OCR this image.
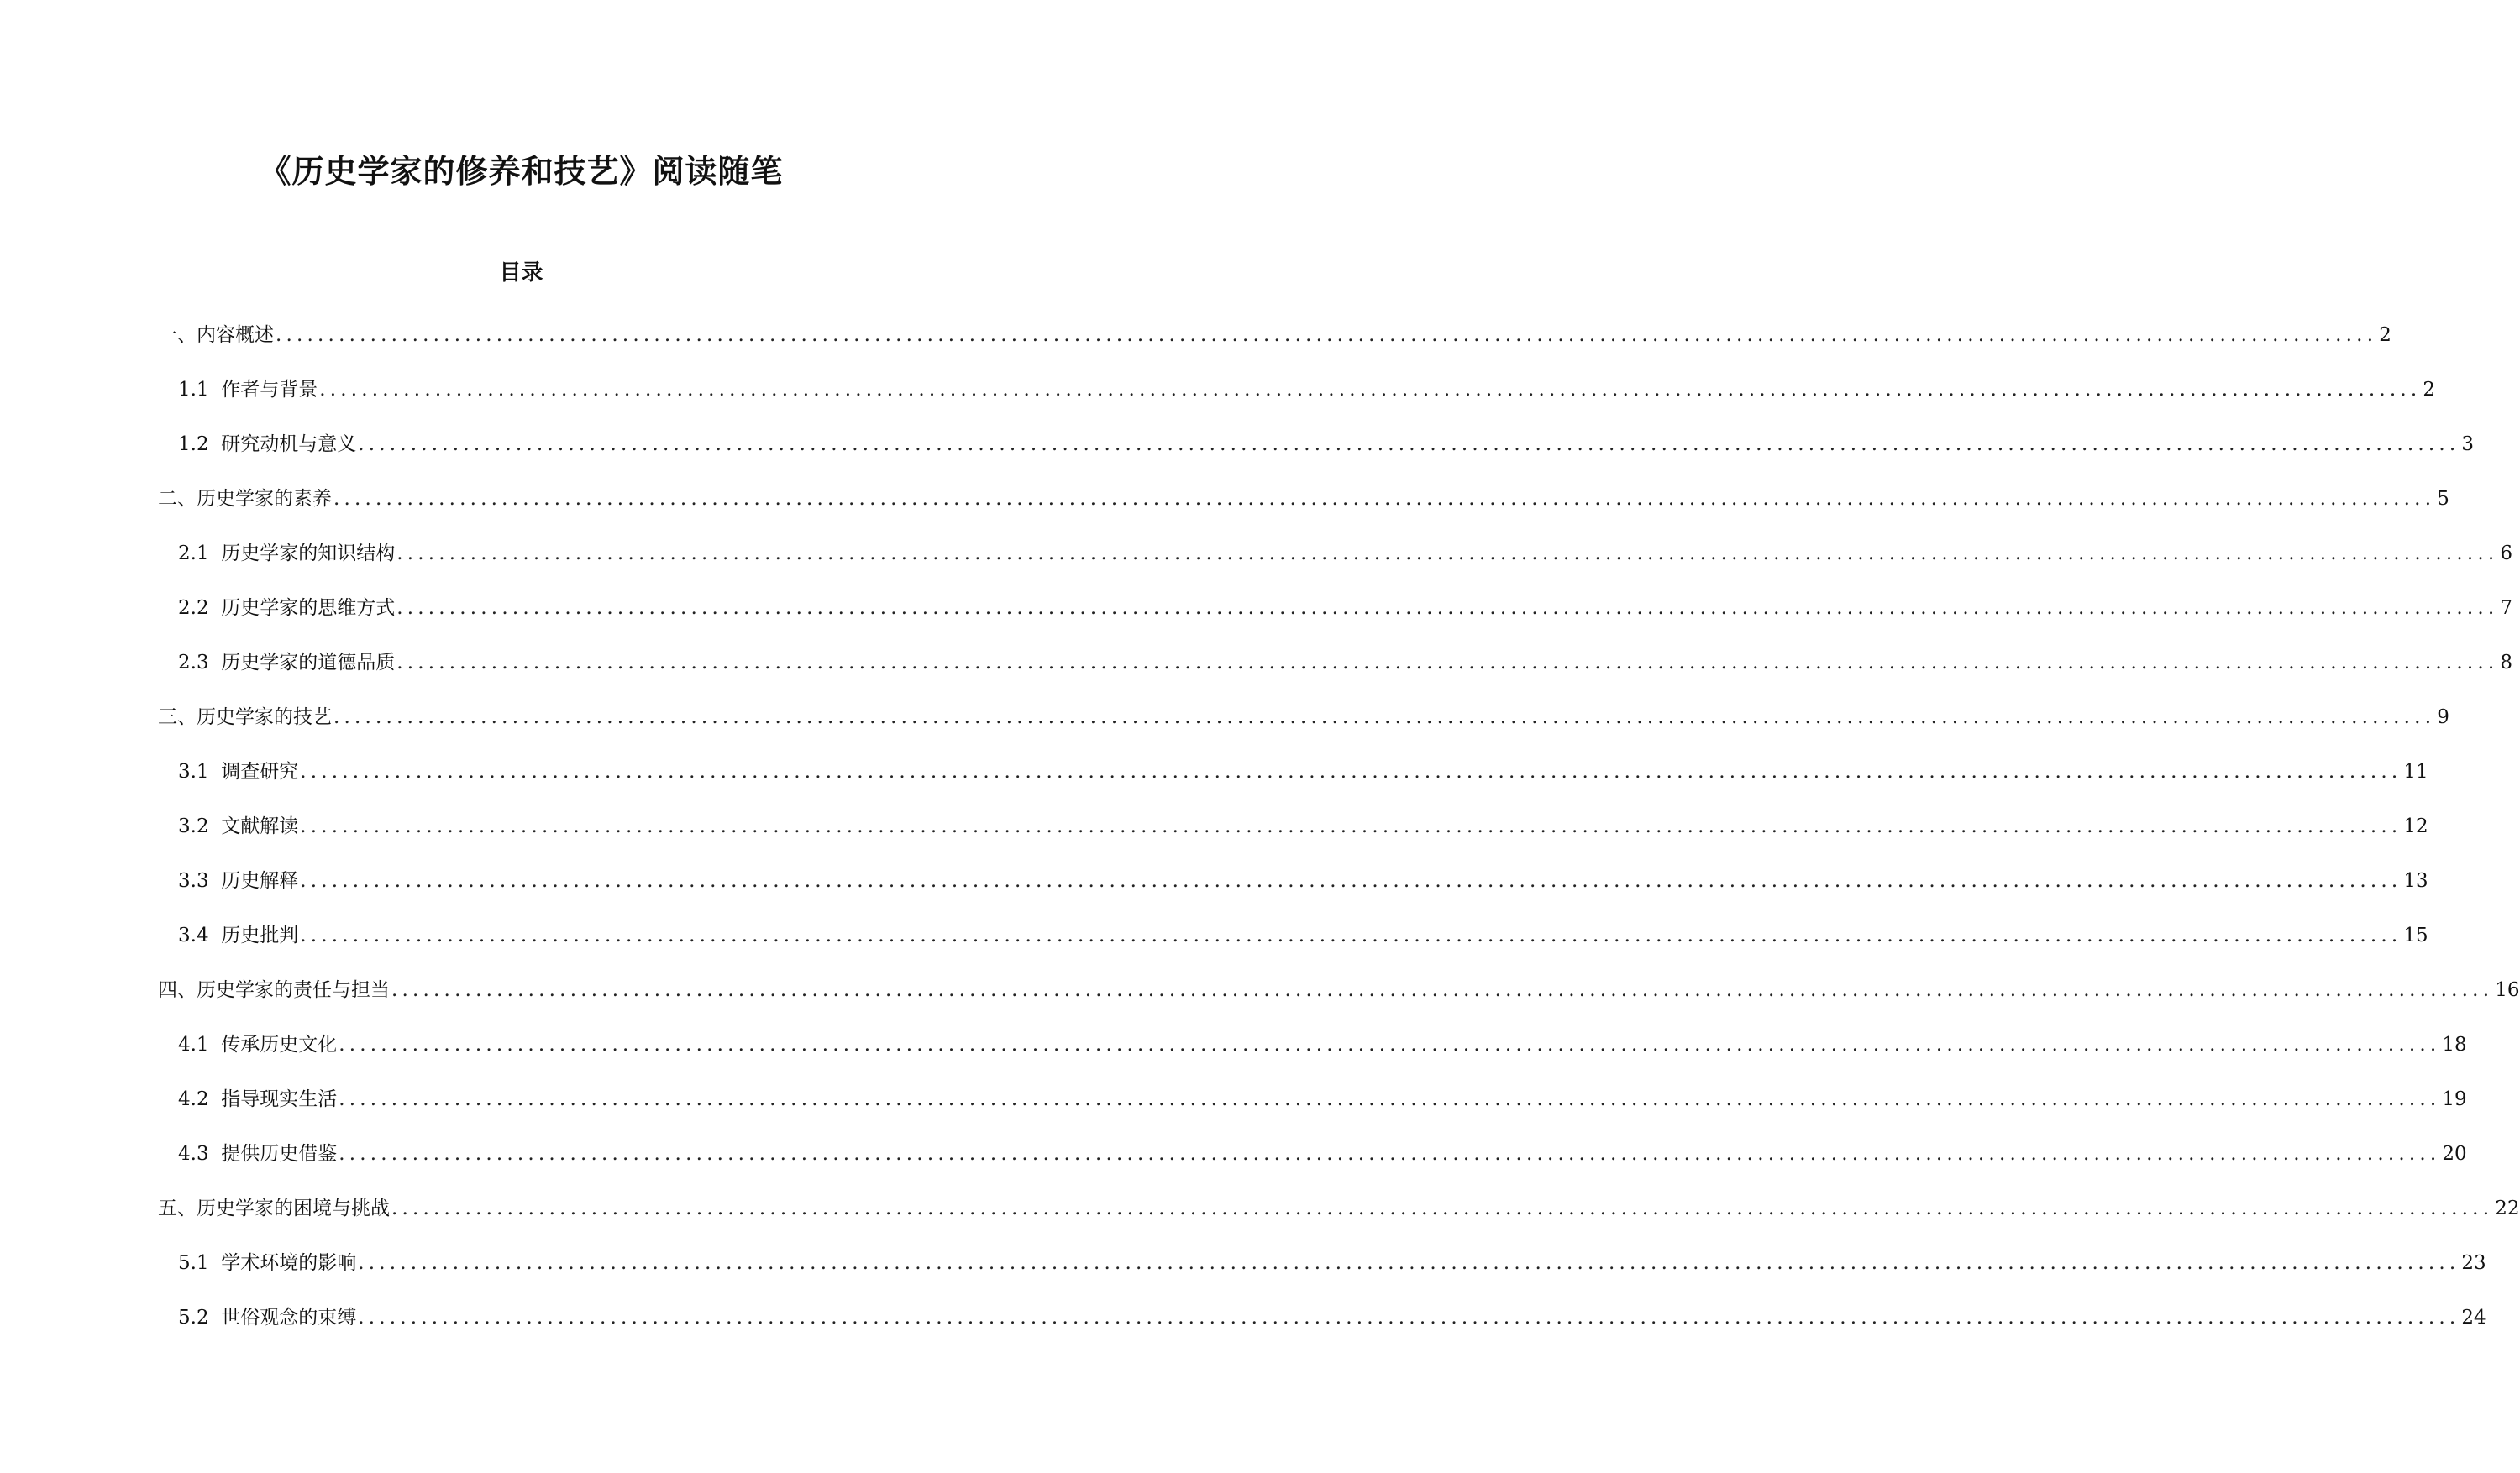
《历史学家的修养和技艺》阅读随笔
目录
一、内容概述 ........................................................................................................................................................................................................ 2
1.1
作者与背景 ........................................................................................................................................................................................................ 2
1.2
研究动机与意义 ........................................................................................................................................................................................................ 3
二、历史学家的素养 ........................................................................................................................................................................................................ 5
2.1
历史学家的知识结构 ........................................................................................................................................................................................................ 6
2.2
历史学家的思维方式 ........................................................................................................................................................................................................ 7
2.3
历史学家的道德品质 ........................................................................................................................................................................................................ 8
三、历史学家的技艺 ........................................................................................................................................................................................................ 9
3.1
调查研究 ........................................................................................................................................................................................................ 11
3.2
文献解读 ........................................................................................................................................................................................................ 12
3.3
历史解释 ........................................................................................................................................................................................................ 13
3.4
历史批判 ........................................................................................................................................................................................................ 15
四、历史学家的责任与担当 ........................................................................................................................................................................................................ 16
4.1
传承历史文化 ........................................................................................................................................................................................................ 18
4.2
指导现实生活 ........................................................................................................................................................................................................ 19
4.3
提供历史借鉴 ........................................................................................................................................................................................................ 20
五、历史学家的困境与挑战 ........................................................................................................................................................................................................ 22
5.1
学术环境的影响 ........................................................................................................................................................................................................ 23
5.2
世俗观念的束缚 ........................................................................................................................................................................................................ 24
